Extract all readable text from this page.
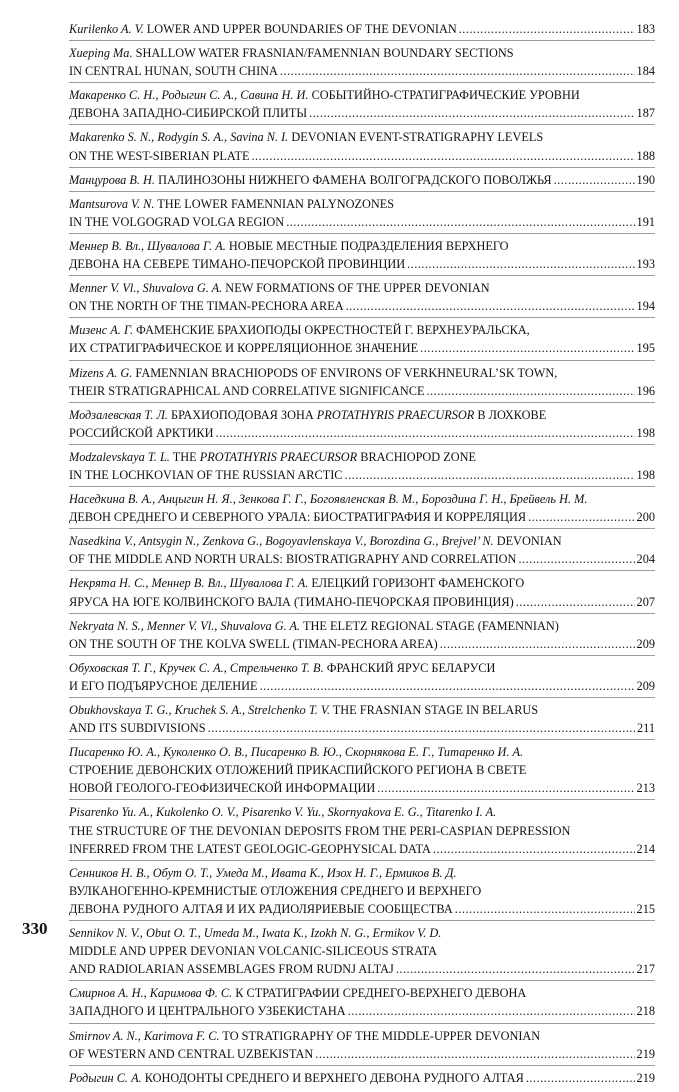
Kurilenko A. V. LOWER AND UPPER BOUNDARIES OF THE DEVONIAN .....	183
Xueping Ma. SHALLOW WATER FRASNIAN/FAMENNIAN BOUNDARY SECTIONS
IN CENTRAL HUNAN, SOUTH CHINA .....	184
Макаренко С. Н., Родыгин С. А., Савина Н. И. СОБЫТИЙНО-СТРАТИГРАФИЧЕСКИЕ УРОВНИ
ДЕВОНА ЗАПАДНО-СИБИРСКОЙ ПЛИТЫ .....	187
Makarenko S. N., Rodygin S. A., Savina N. I. DEVONIAN EVENT-STRATIGRAPHY LEVELS
ON THE WEST-SIBERIAN PLATE .....	188
Манцурова В. Н. ПАЛИНОЗОНЫ НИЖНЕГО ФАМЕНА ВОЛГОГРАДСКОГО ПОВОЛЖЬЯ .....	190
Mantsurova V. N. THE LOWER FAMENNIAN PALYNOZONES
IN THE VOLGOGRAD VOLGA REGION .....	191
Меннер В. Вл., Шувалова Г. А. НОВЫЕ МЕСТНЫЕ ПОДРАЗДЕЛЕНИЯ ВЕРХНЕГО
ДЕВОНА НА СЕВЕРЕ ТИМАНО-ПЕЧОРСКОЙ ПРОВИНЦИИ .....	193
Menner V. Vl., Shuvalova G. A. NEW FORMATIONS OF THE UPPER DEVONIAN
ON THE NORTH OF THE TIMAN-PECHORA AREA .....	194
Мизенс А. Г. ФАМЕНСКИЕ БРАХИОПОДЫ ОКРЕСТНОСТЕЙ Г. ВЕРХНЕУРАЛЬСКА,
ИХ СТРАТИГРАФИЧЕСКОЕ И КОРРЕЛЯЦИОННОЕ ЗНАЧЕНИЕ .....	195
Mizens A. G. FAMENNIAN BRACHIOPODS OF ENVIRONS OF VERKHNEURAL’SK TOWN,
THEIR STRATIGRAPHICAL AND CORRELATIVE SIGNIFICANCE .....	196
Модзалевская Т. Л. БРАХИОПОДОВАЯ ЗОНА PROTATHYRIS PRAECURSOR В ЛОХКОВЕ
РОССИЙСКОЙ АРКТИКИ .....	198
Modzalevskaya T. L. THE PROTATHYRIS PRAECURSOR BRACHIOPOD ZONE
IN THE LOCHKOVIAN OF THE RUSSIAN ARCTIC .....	198
Наседкина В. А., Анцыгин Н. Я., Зенкова Г. Г., Богоявленская В. М., Бороздина Г. Н., Брейвель Н. М.
ДЕВОН СРЕДНЕГО И СЕВЕРНОГО УРАЛА: БИОСТРАТИГРАФИЯ И КОРРЕЛЯЦИЯ .....	200
Nasedkina V., Antsygin N., Zenkova G., Bogoyavlenskaya V., Borozdina G., Brejvel’ N. DEVONIAN
OF THE MIDDLE AND NORTH URALS: BIOSTRATIGRAPHY AND CORRELATION .....	204
Некрята Н. С., Меннер В. Вл., Шувалова Г. А. ЕЛЕЦКИЙ ГОРИЗОНТ ФАМЕНСКОГО
ЯРУСА НА ЮГЕ КОЛВИНСКОГО ВАЛА (ТИМАНО-ПЕЧОРСКАЯ ПРОВИНЦИЯ) .....	207
Nekryata N. S., Menner V. Vl., Shuvalova G. A. THE ELETZ REGIONAL STAGE (FAMENNIAN)
ON THE SOUTH OF THE KOLVA SWELL (TIMAN-PECHORA AREA) .....	209
Обуховская Т. Г., Кручек С. А., Стрельченко Т. В. ФРАНСКИЙ ЯРУС БЕЛАРУСИ
И ЕГО ПОДЪЯРУСНОЕ ДЕЛЕНИЕ .....	209
Obukhovskaya T. G., Kruchek S. A., Strelchenko T. V. THE FRASNIAN STAGE IN BELARUS
AND ITS SUBDIVISIONS .....	211
Писаренко Ю. А., Куколенко О. В., Писаренко В. Ю., Скорнякова Е. Г., Титаренко И. А.
СТРОЕНИЕ ДЕВОНСКИХ ОТЛОЖЕНИЙ ПРИКАСПИЙСКОГО РЕГИОНА В СВЕТЕ
НОВОЙ ГЕОЛОГО-ГЕОФИЗИЧЕСКОЙ ИНФОРМАЦИИ .....	213
Pisarenko Yu. A., Kukolenko O. V., Pisarenko V. Yu., Skornyakova E. G., Titarenko I. A.
THE STRUCTURE OF THE DEVONIAN DEPOSITS FROM THE PERI-CASPIAN DEPRESSION
INFERRED FROM THE LATEST GEOLOGIC-GEOPHYSICAL DATA .....	214
Сенников Н. В., Обут О. Т., Умеда М., Ивата К., Изох Н. Г., Ермиков В. Д.
ВУЛКАНОГЕННО-КРЕМНИСТЫЕ ОТЛОЖЕНИЯ СРЕДНЕГО И ВЕРХНЕГО
ДЕВОНА РУДНОГО АЛТАЯ И ИХ РАДИОЛЯРИЕВЫЕ СООБЩЕСТВА .....	215
Sennikov N. V., Obut O. T., Umeda M., Iwata K., Izokh N. G., Ermikov V. D.
MIDDLE AND UPPER DEVONIAN VOLCANIC-SILICEOUS STRATA
AND RADIOLARIAN ASSEMBLAGES FROM RUDNJ ALTAJ .....	217
Смирнов А. Н., Каримова Ф. С. К СТРАТИГРАФИИ СРЕДНЕГО-ВЕРХНЕГО ДЕВОНА
ЗАПАДНОГО И ЦЕНТРАЛЬНОГО УЗБЕКИСТАНА .....	218
Smirnov A. N., Karimova F. C. TO STRATIGRAPHY OF THE MIDDLE-UPPER DEVONIAN
OF WESTERN AND CENTRAL UZBEKISTAN .....	219
Родыгин С. А. КОНОДОНТЫ СРЕДНЕГО И ВЕРХНЕГО ДЕВОНА РУДНОГО АЛТАЯ .....	219
330
